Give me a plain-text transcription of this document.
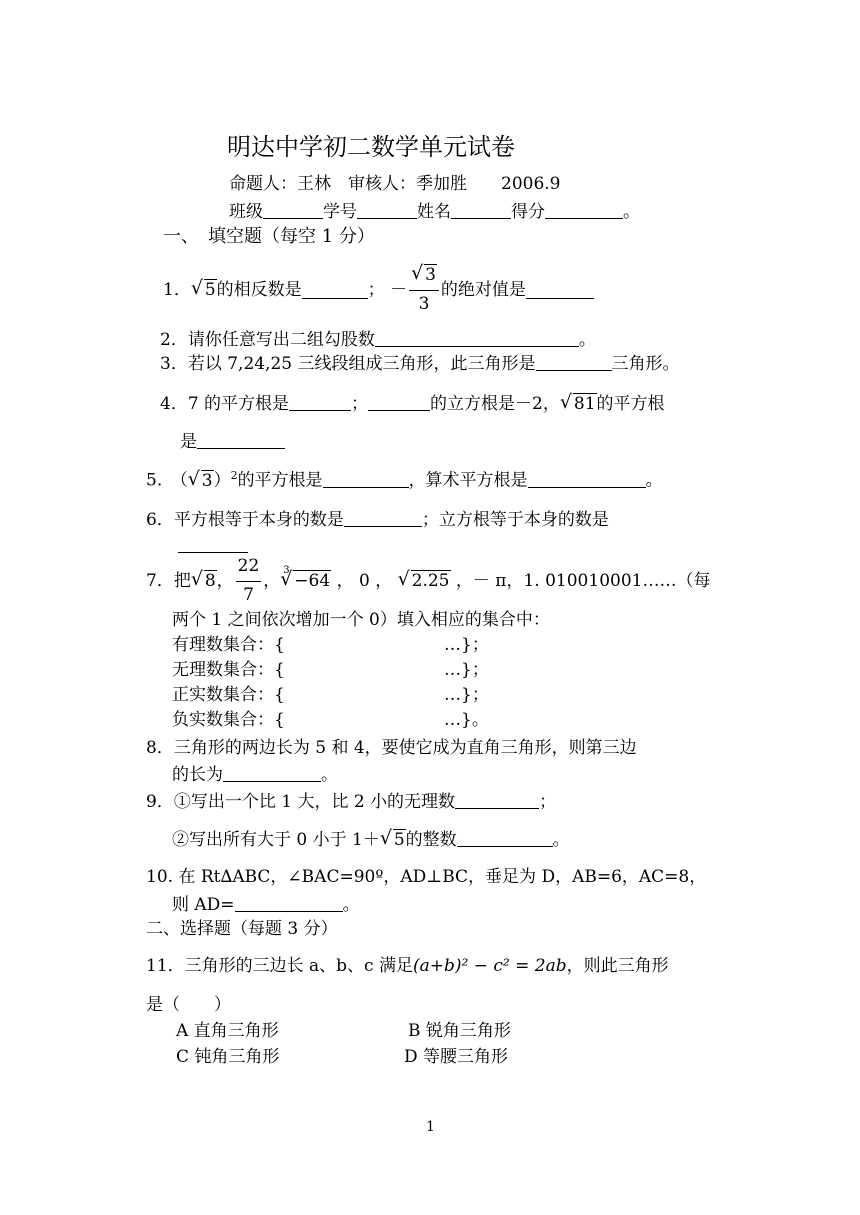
明达中学初二数学单元试卷
命题人：王林　 审核人：季加胜　　 2006.9
班级	学号	姓名	得分	。
一、　填空题（每空 1 分）
1． √ 5 的相反数是	；
－ √ $\frac{3}{3}$ 的绝对值是
2．请你任意写出二组勾股数	。
3．若以 7,24,25 三线段组成三角形，此三角形是	三角形。
4．7 的平方根是	；	的立方根是－2， √ 81的平方根
是
5.　（ √ 3）$^2$的平方根是	，算术平方根是	。
6．平方根等于本身的数是	；立方根等于本身的数是
7．把 √ 8 ， $\frac{22}{7}$ ，
√ 3
−64 ， 0 ， √ 2.25 ， － π ， 1. 010010001……（每
两个 1 之间依次增加一个 0）填入相应的集合中：
有理数集合：{	…}；
无理数集合：{	…}；
正实数集合：{	…}；
负实数集合：{	…}。
8．三角形的两边长为 5 和 4，要使它成为直角三角形，则第三边
的长为	。
9．①写出一个比 1 大，比 2 小的无理数	；
②写出所有大于 0 小于 1＋ √ 5的整数	。
10. 在 Rt∆ABC，∠BAC=90º，AD⊥BC，垂足为 D，AB=6，AC=8，
则 AD=	。
二、选择题（每题 3 分）
11．三角形的三边长 a、b、c 满足(a+b)² − c² = 2ab，则此三角形
是（　　）
A 直角三角形	B 锐角三角形
C 钝角三角形	D 等腰三角形
1
